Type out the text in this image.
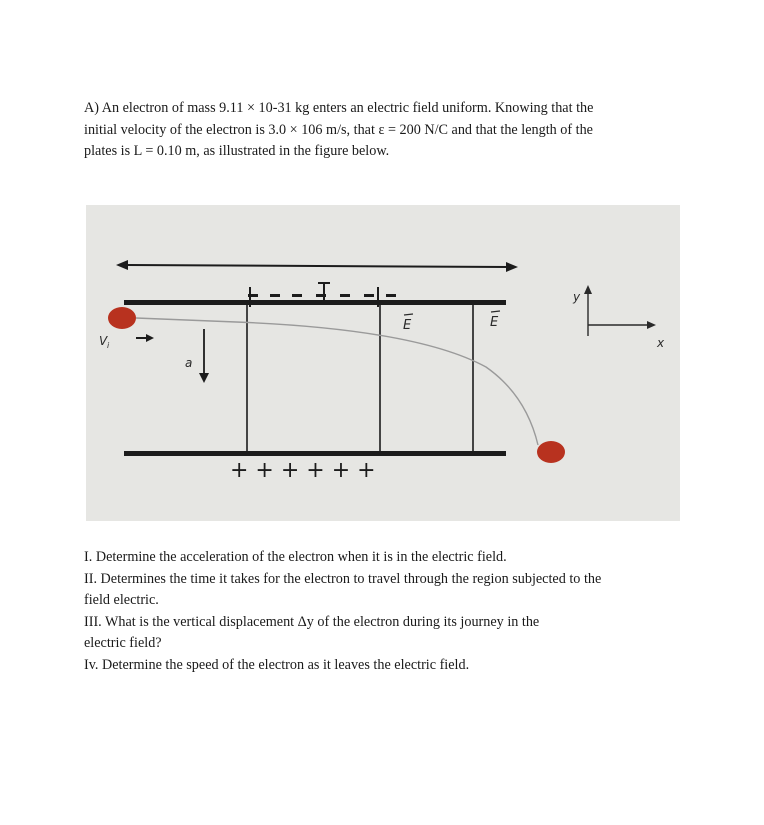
A) An electron of mass 9.11 × 10-31 kg enters an electric field uniform. Knowing that the

initial velocity of the electron is 3.0 × 106 m/s, that ε = 200 N/C and that the length of the

plates is L = 0.10 m, as illustrated in the figure below.

E	E
V i
a
+ + + + + +
y
x

I. Determine the acceleration of the electron when it is in the electric field.

II. Determines the time it takes for the electron to travel through the region subjected to the

field electric.

III. What is the vertical displacement Δy of the electron during its journey in the

electric field?

Iv. Determine the speed of the electron as it leaves the electric field.
